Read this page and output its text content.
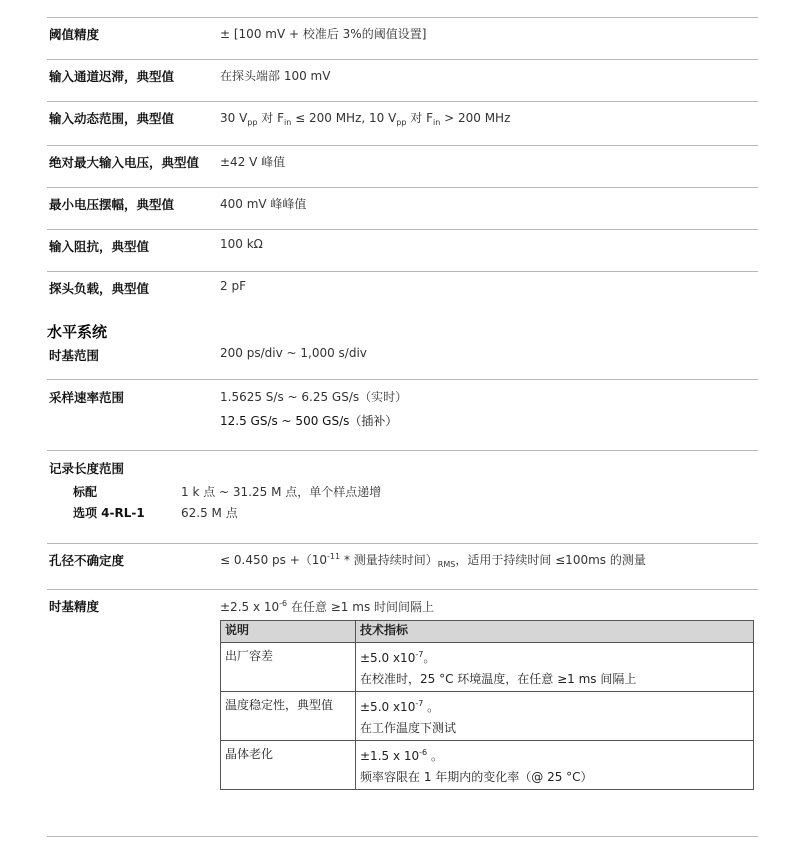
阈值精度	± [100 mV + 校准后 3%的阈值设置]
输入通道迟滞，典型值	在探头端部 100 mV
输入动态范围，典型值	30 $V_{pp}$ 对 $F_{in} \le 200$ MHz, 10 $V_{pp}$ 对 $F_{in} > 200$ MHz
绝对最大输入电压，典型值 ±42 V 峰值
最小电压摆幅，典型值	400 mV 峰峰值
输入阻抗，典型值	100 kΩ
探头负载，典型值	2 pF
水平系统
时基范围	200 ps/div ~ 1,000 s/div
采样速率范围	1.5625 S/s ~ 6.25 GS/s（实时）
12.5 GS/s ~ 500 GS/s（插补）
记录长度范围
标配	1 k 点 ~ 31.25 M 点，单个样点递增
选项 4-RL-1	62.5 M 点
孔径不确定度	≤ 0.450 ps $+(10^{-11}$ * 测量持续时间）$_{RMS}$，适用于持续时间 ≤100ms 的测量
时基精度	±2.5 x $10^{-6}$ 在任意 ≥1 ms 时间间隔上
说明	技术指标
出厂容差	±5.0 $x10^{-7}$。
在校准时，25 °C 环境温度，在任意 ≥1 ms 间隔上

温度稳定性，典型值	±5.0 $x10^{-7}$ 。
在工作温度下测试

晶体老化	±1.5 x $10^{-6}$ 。
频率容限在 1 年期内的变化率（@ 25 °C）
